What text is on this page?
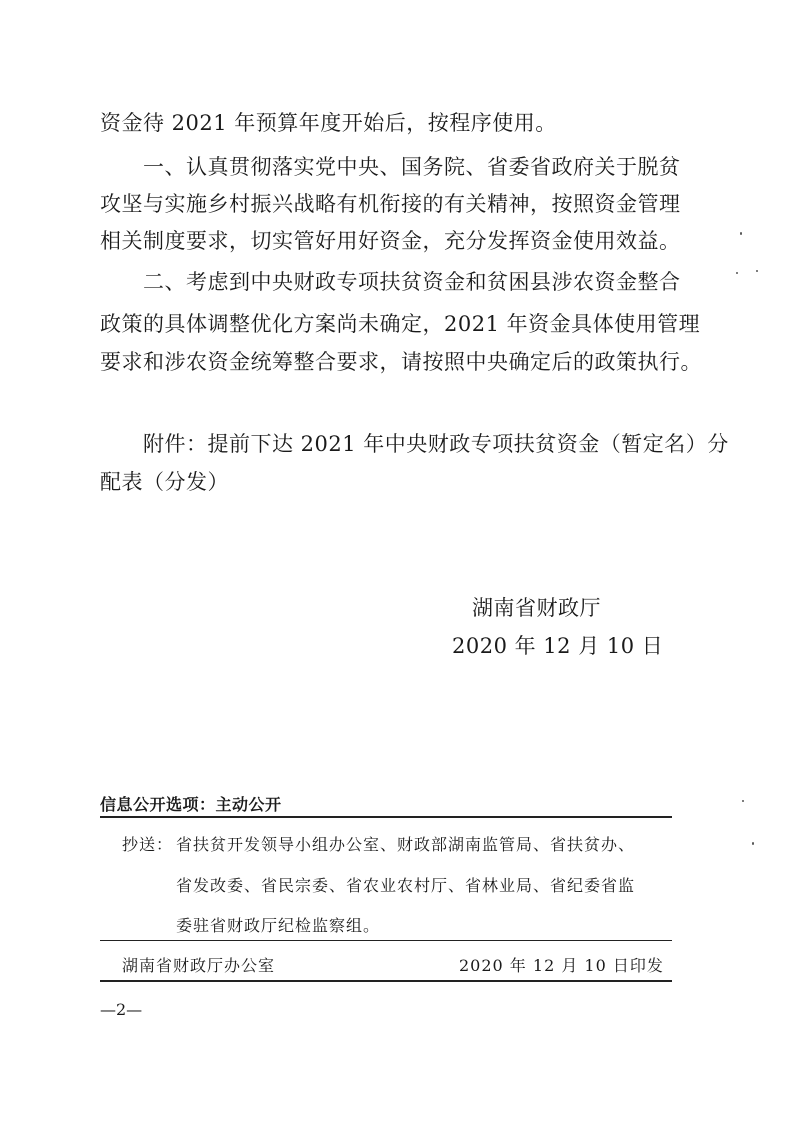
资金待 2021 年预算年度开始后，按程序使用。
一、认真贯彻落实党中央、国务院、省委省政府关于脱贫
攻坚与实施乡村振兴战略有机衔接的有关精神，按照资金管理
相关制度要求，切实管好用好资金，充分发挥资金使用效益。
二、考虑到中央财政专项扶贫资金和贫困县涉农资金整合
政策的具体调整优化方案尚未确定，2021 年资金具体使用管理
要求和涉农资金统筹整合要求，请按照中央确定后的政策执行。
附件：提前下达 2021 年中央财政专项扶贫资金（暂定名）分
配表（分发）
湖南省财政厅
2020 年 12 月 10 日
信息公开选项：主动公开
抄送： 省扶贫开发领导小组办公室、财政部湖南监管局、省扶贫办、
省发改委、省民宗委、省农业农村厅、省林业局、省纪委省监
委驻省财政厅纪检监察组。
湖南省财政厅办公室	2020 年 12 月 10 日印发
—2—
